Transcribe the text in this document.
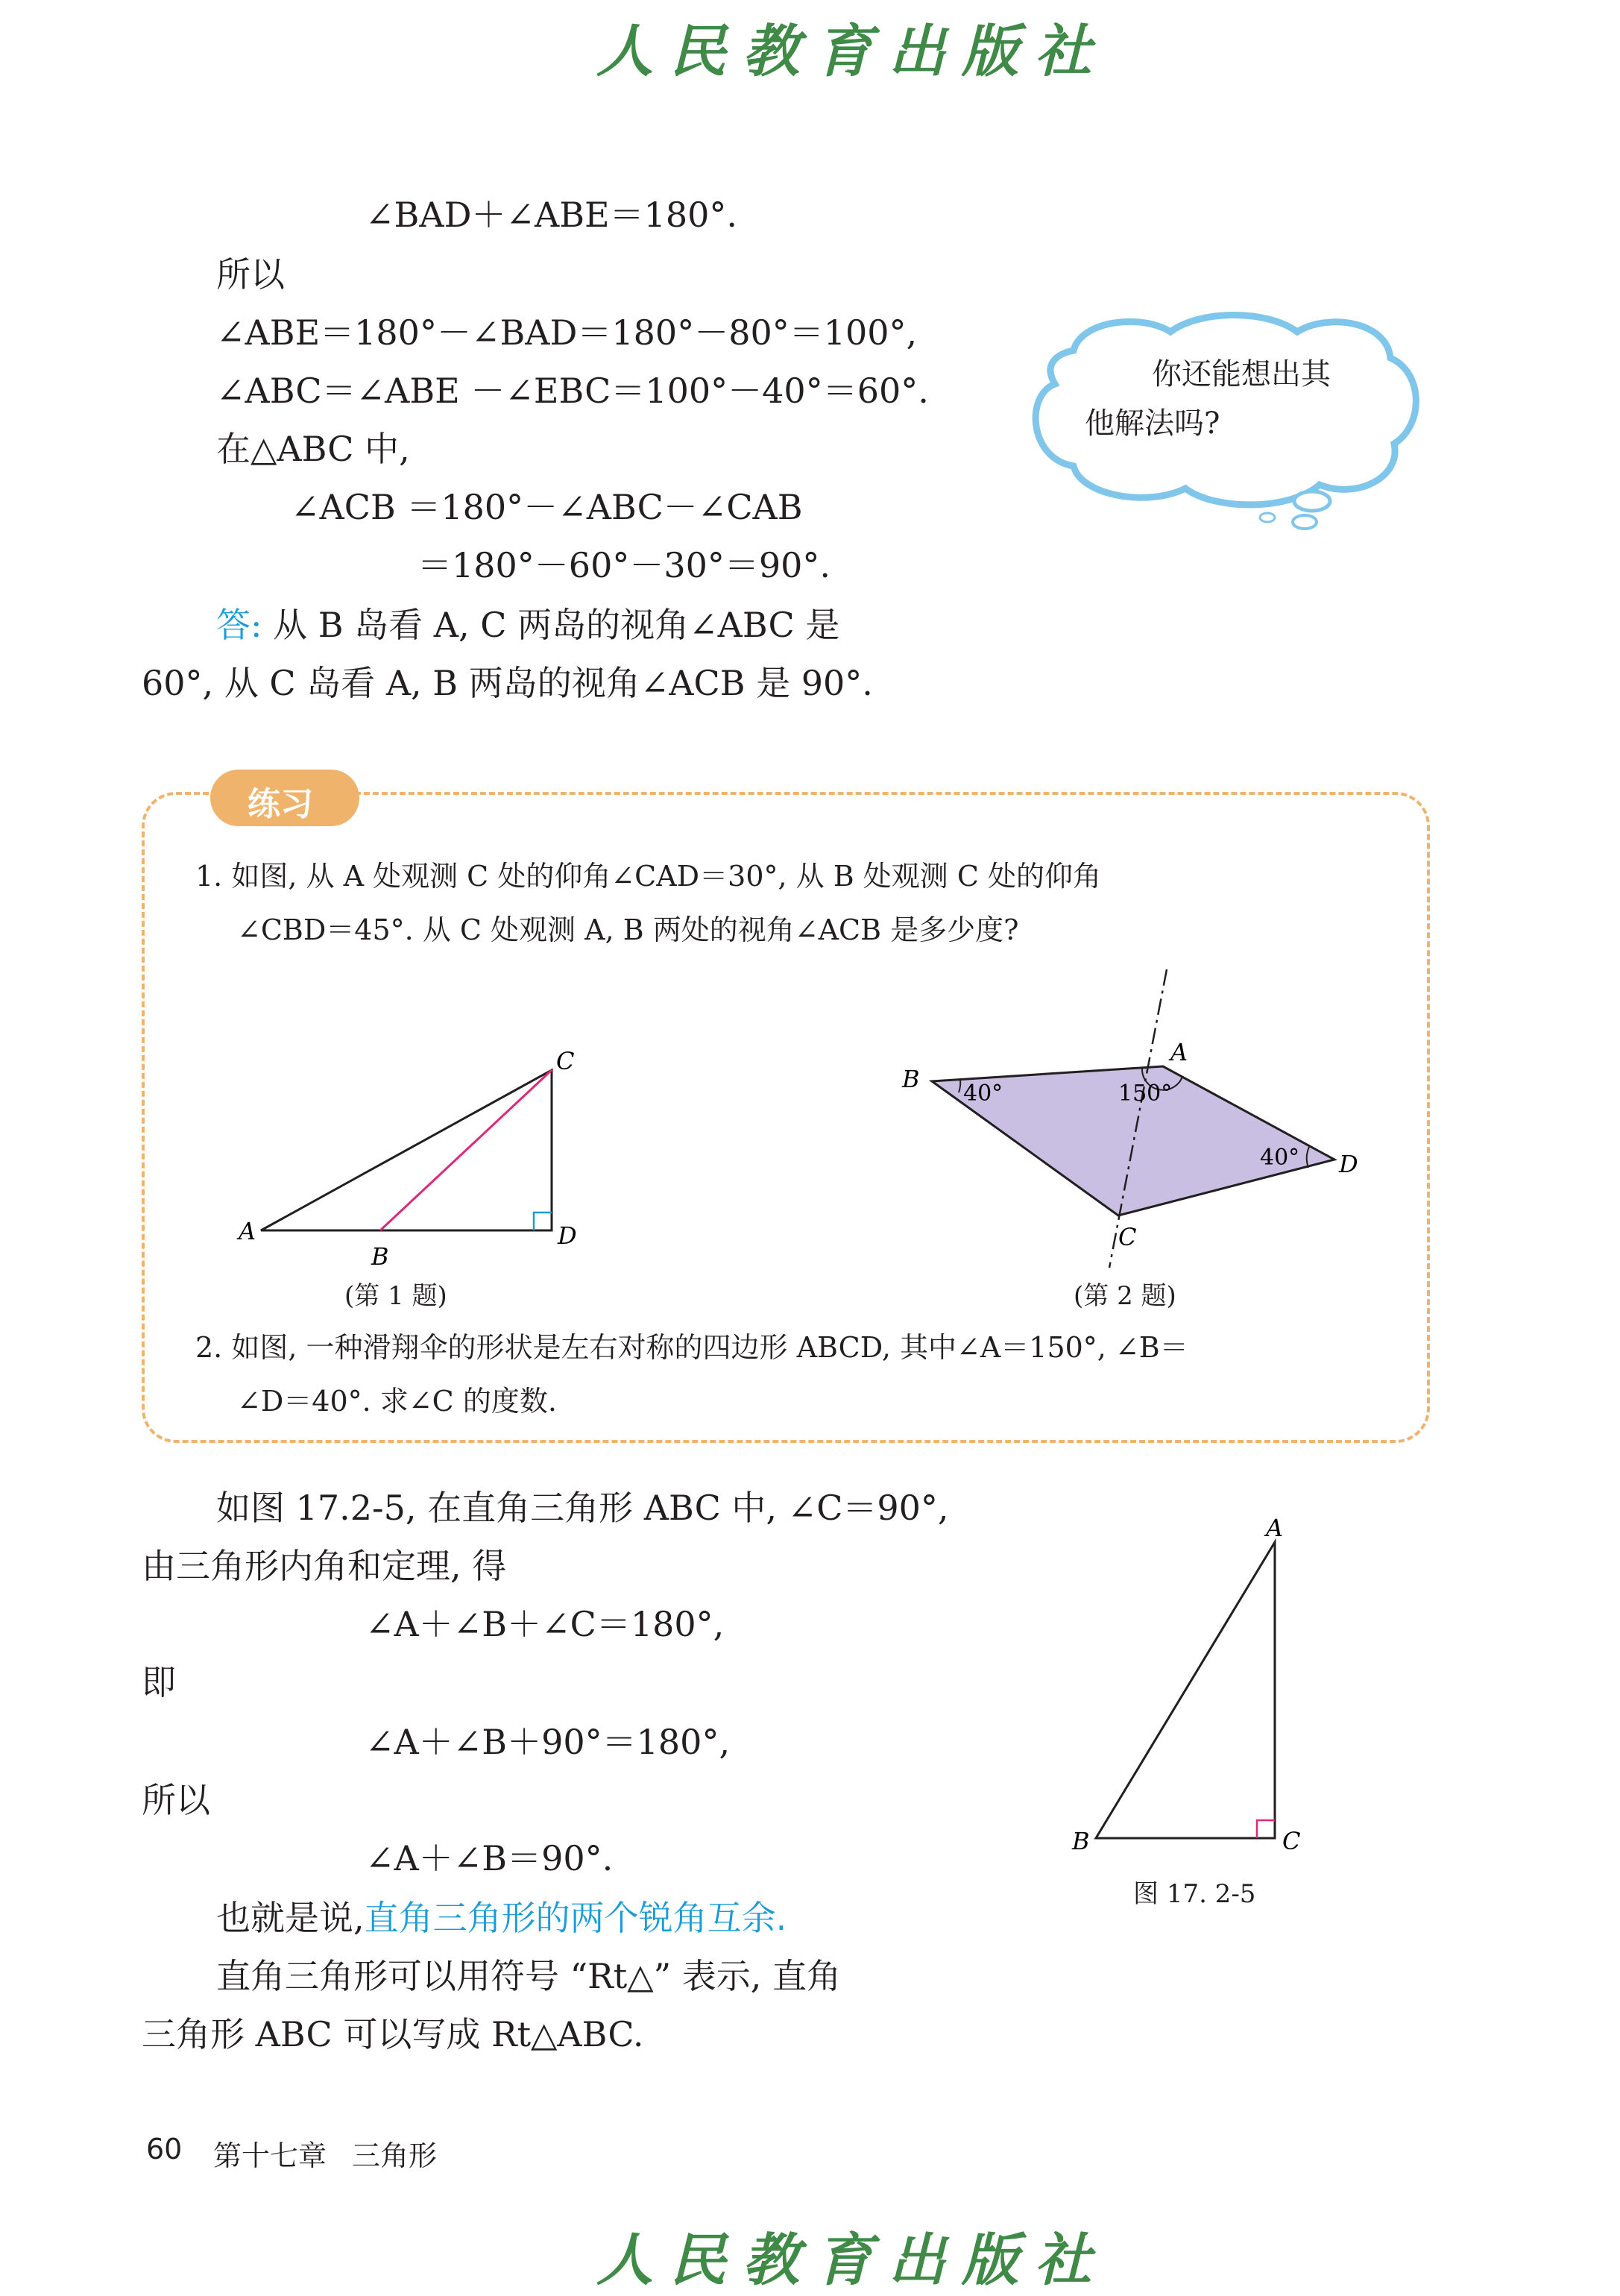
人民教育出版社
∠BAD＋∠ABE＝180°.
所以
∠ABE＝180°－∠BAD＝180°－80°＝100°,
∠ABC＝∠ABE －∠EBC＝100°－40°＝60°.
在△ABC 中,
∠ACB ＝180°－∠ABC－∠CAB
＝180°－60°－30°＝90°.
答: 从 B 岛看 A, C 两岛的视角∠ABC 是
60°, 从 C 岛看 A, B 两岛的视角∠ACB 是 90°.
你还能想出其
他解法吗?
练习
1. 如图, 从 A 处观测 C 处的仰角∠CAD＝30°, 从 B 处观测 C 处的仰角
∠CBD＝45°. 从 C 处观测 A, B 两处的视角∠ACB 是多少度?
A
B
C
D
(第 1 题)
B
A
C
D
40°	150°
40°
(第 2 题)
2. 如图, 一种滑翔伞的形状是左右对称的四边形 ABCD, 其中∠A＝150°, ∠B＝
∠D＝40°. 求∠C 的度数.
如图 17.2-5, 在直角三角形 ABC 中, ∠C＝90°,
由三角形内角和定理, 得
∠A＋∠B＋∠C＝180°,
即
∠A＋∠B＋90°＝180°,
所以
∠A＋∠B＝90°.
也就是说,直角三角形的两个锐角互余.
直角三角形可以用符号 “Rt△” 表示, 直角
三角形 ABC 可以写成 Rt△ABC.
A
B	C
图 17. 2-5
60 第十七章 三角形
人民教育出版社
